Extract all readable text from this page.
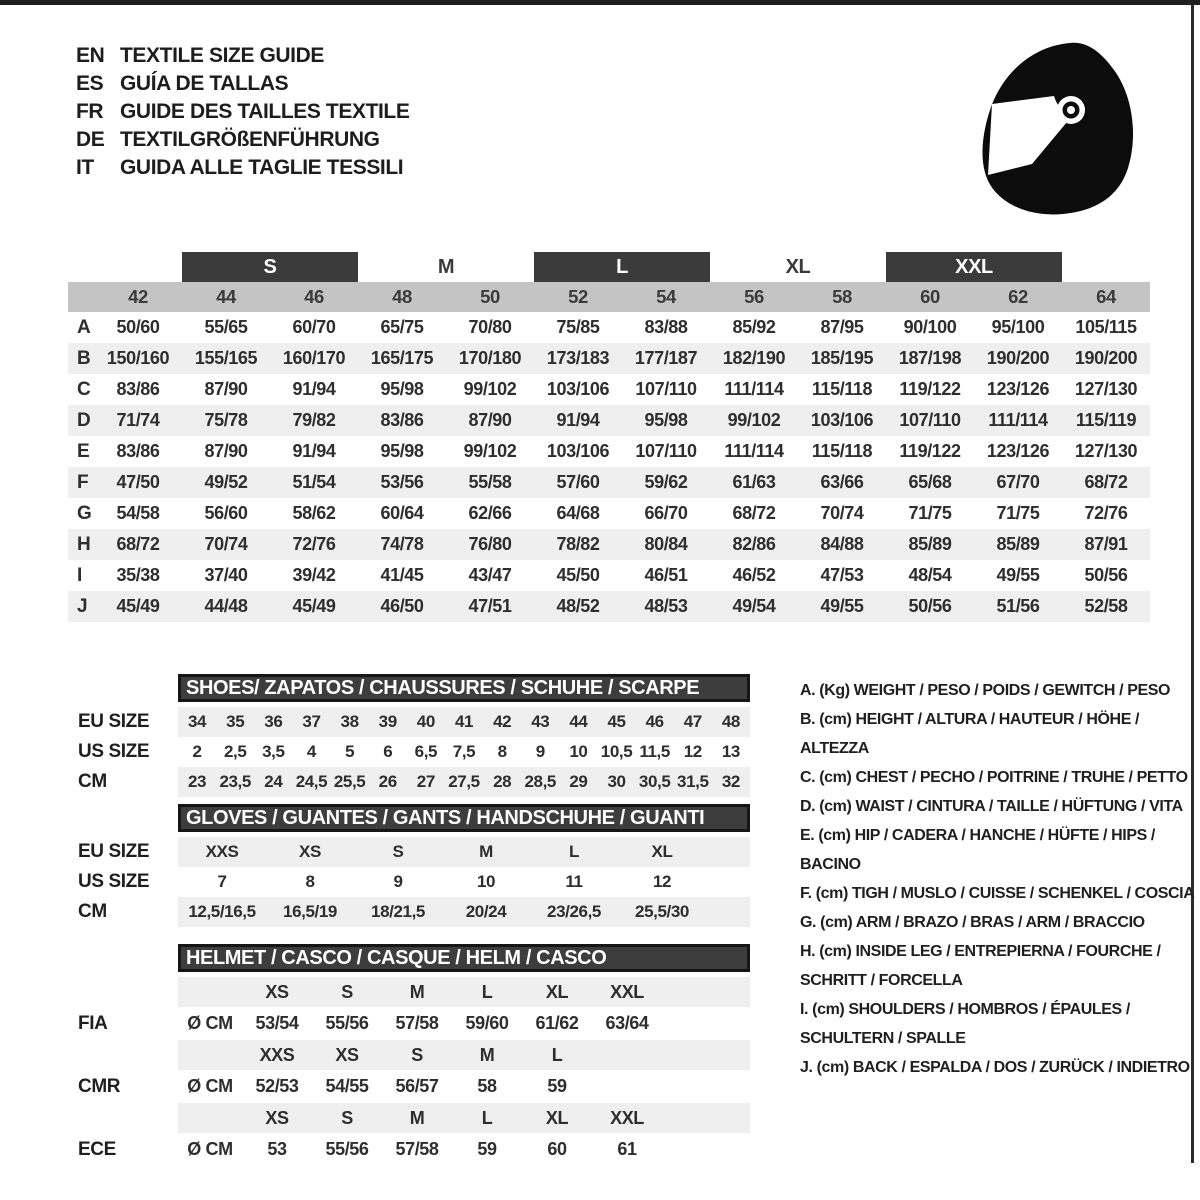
EN TEXTILE SIZE GUIDE
ES GUÍA DE TALLAS
FR GUIDE DES TAILLES TEXTILE
DE TEXTILGRÖßENFÜHRUNG
IT	GUIDA ALLE TAGLIE TESSILI
S	M	L	XL	XXL
42	44	46	48	50	52	54	56	58	60	62	64
A	50/60	55/65	60/70	65/75	70/80	75/85	83/88	85/92	87/95	90/100	95/100	105/115
B 150/160	155/165	160/170	165/175	170/180	173/183	177/187	182/190	185/195	187/198	190/200	190/200
C	83/86	87/90	91/94	95/98	99/102	103/106	107/110	111/114	115/118	119/122	123/126	127/130
D	71/74	75/78	79/82	83/86	87/90	91/94	95/98	99/102	103/106	107/110	111/114	115/119
E	83/86	87/90	91/94	95/98	99/102	103/106	107/110	111/114	115/118	119/122	123/126	127/130
F	47/50	49/52	51/54	53/56	55/58	57/60	59/62	61/63	63/66	65/68	67/70	68/72
G	54/58	56/60	58/62	60/64	62/66	64/68	66/70	68/72	70/74	71/75	71/75	72/76
H	68/72	70/74	72/76	74/78	76/80	78/82	80/84	82/86	84/88	85/89	85/89	87/91
I	35/38	37/40	39/42	41/45	43/47	45/50	46/51	46/52	47/53	48/54	49/55	50/56
J	45/49	44/48	45/49	46/50	47/51	48/52	48/53	49/54	49/55	50/56	51/56	52/58
SHOES/ ZAPATOS / CHAUSSURES / SCHUHE / SCARPE
EU SIZE	34 35 36 37 38 39 40 41 42 43 44 45 46 47 48
US SIZE	2 2,5 3,5 4 5 6 6,5 7,5 8 9 10 10,5 11,5 12 13
CM	23 23,5 24 24,5 25,5 26 27 27,5 28 28,5 29 30 30,5 31,5 32
GLOVES / GUANTES / GANTS / HANDSCHUHE / GUANTI
EU SIZE	XXS	XS	S	M	L	XL
US SIZE	7	8	9	10	11	12
CM	12,5/16,5 16,5/19 18/21,5 20/24 23/26,5 25,5/30
HELMET / CASCO / CASQUE / HELM / CASCO
XS	S	M	L	XL XXL
FIA	Ø CM 53/54 55/56 57/58 59/60 61/62 63/64
XXS XS	S	M	L
CMR	Ø CM 52/53 54/55 56/57 58	59
XS	S	M	L	XL XXL
ECE	Ø CM 53 55/56 57/58 59	60	61

A. (Kg) WEIGHT / PESO / POIDS / GEWITCH / PESO

B. (cm) HEIGHT / ALTURA / HAUTEUR / HÖHE / ALTEZZA

C. (cm) CHEST / PECHO / POITRINE / TRUHE / PETTO

D. (cm) WAIST / CINTURA / TAILLE / HÜFTUNG / VITA

E. (cm) HIP / CADERA / HANCHE / HÜFTE / HIPS / BACINO

F. (cm) TIGH / MUSLO / CUISSE / SCHENKEL / COSCIA

G. (cm) ARM / BRAZO / BRAS / ARM / BRACCIO

H. (cm) INSIDE LEG / ENTREPIERNA / FOURCHE / SCHRITT / FORCELLA

I. (cm) SHOULDERS / HOMBROS / ÉPAULES / SCHULTERN / SPALLE

J. (cm) BACK / ESPALDA / DOS / ZURÜCK / INDIETRO
